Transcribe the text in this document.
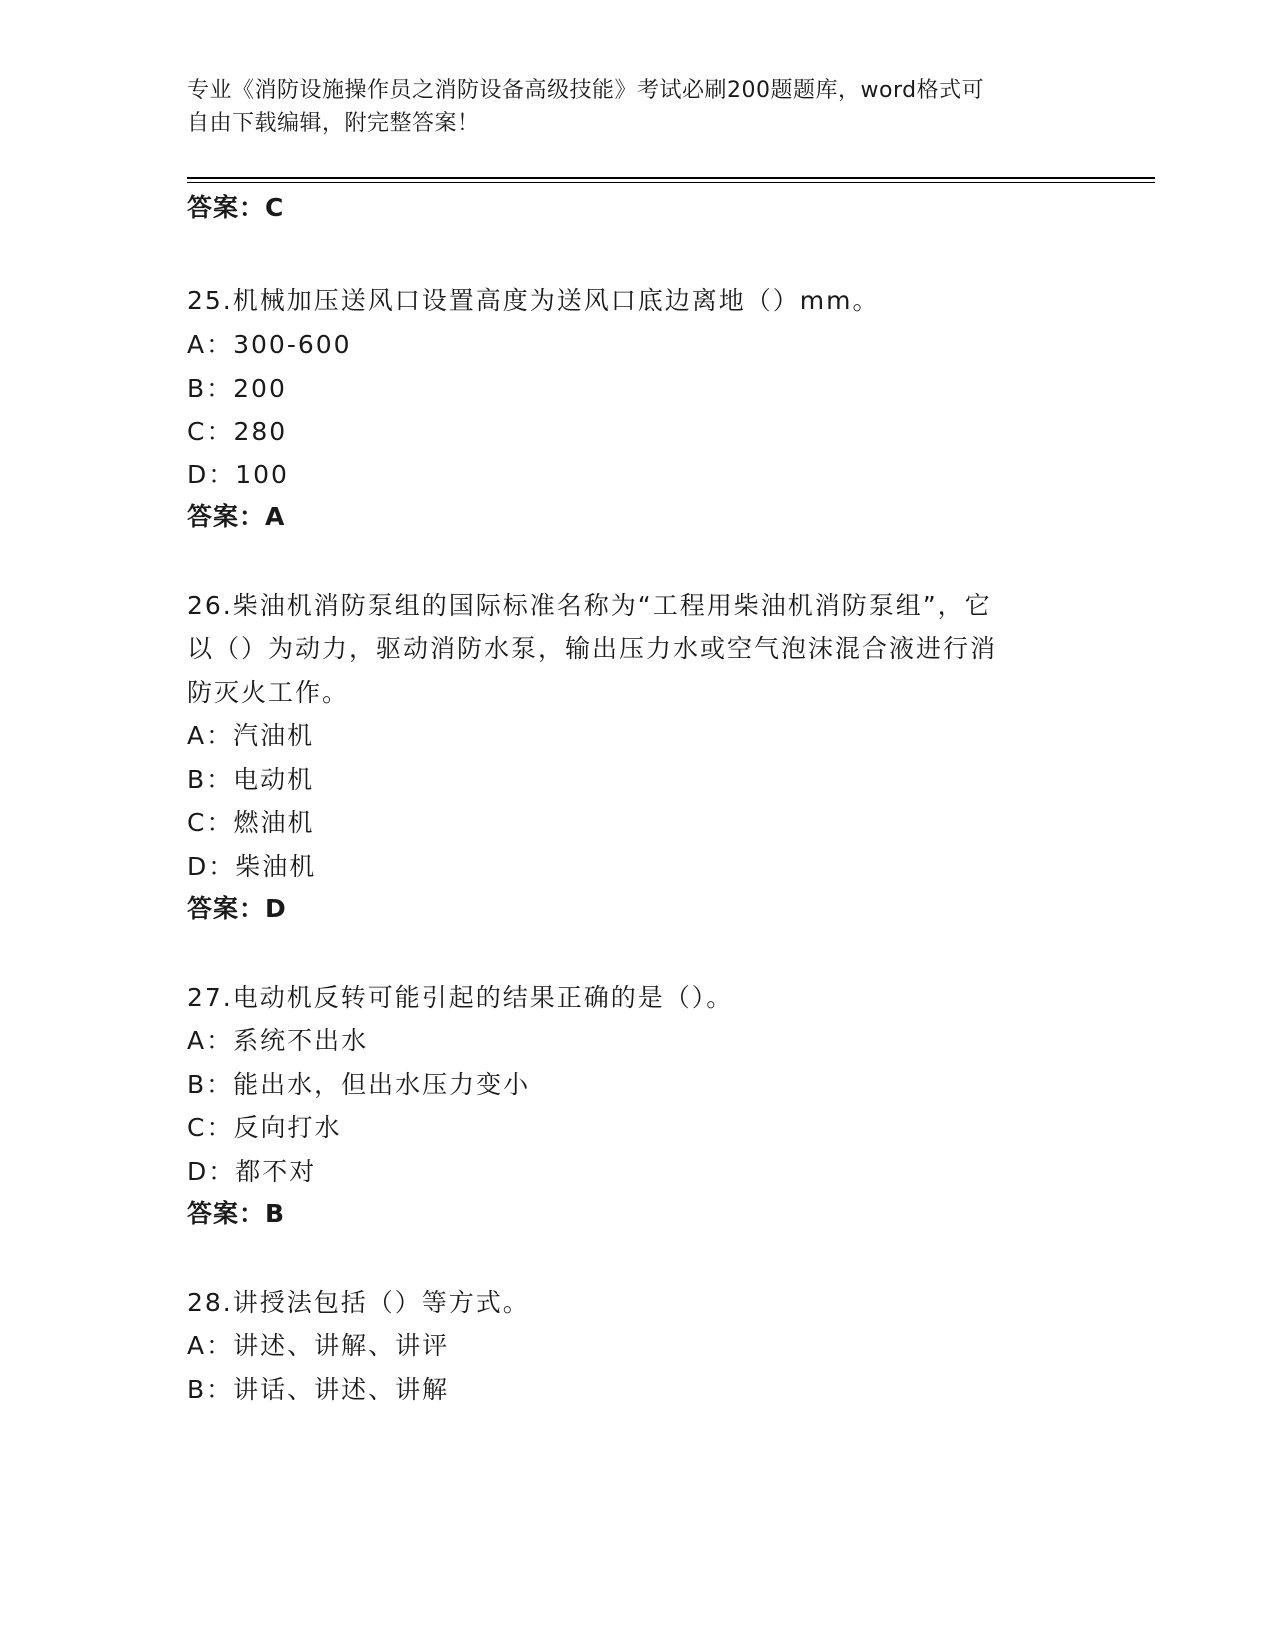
专业《消防设施操作员之消防设备高级技能》考试必刷200题题库，word格式可
自由下载编辑，附完整答案！
答案：C
25.机械加压送风口设置高度为送风口底边离地（）mm。
A：300-600
B：200
C：280
D：100
答案：A
26.柴油机消防泵组的国际标准名称为“工程用柴油机消防泵组”，它
以（）为动力，驱动消防水泵，输出压力水或空气泡沫混合液进行消
防灭火工作。
A：汽油机
B：电动机
C：燃油机
D：柴油机
答案：D
27.电动机反转可能引起的结果正确的是（）。
A：系统不出水
B：能出水，但出水压力变小
C：反向打水
D：都不对
答案：B
28.讲授法包括（）等方式。
A：讲述、讲解、讲评
B：讲话、讲述、讲解
